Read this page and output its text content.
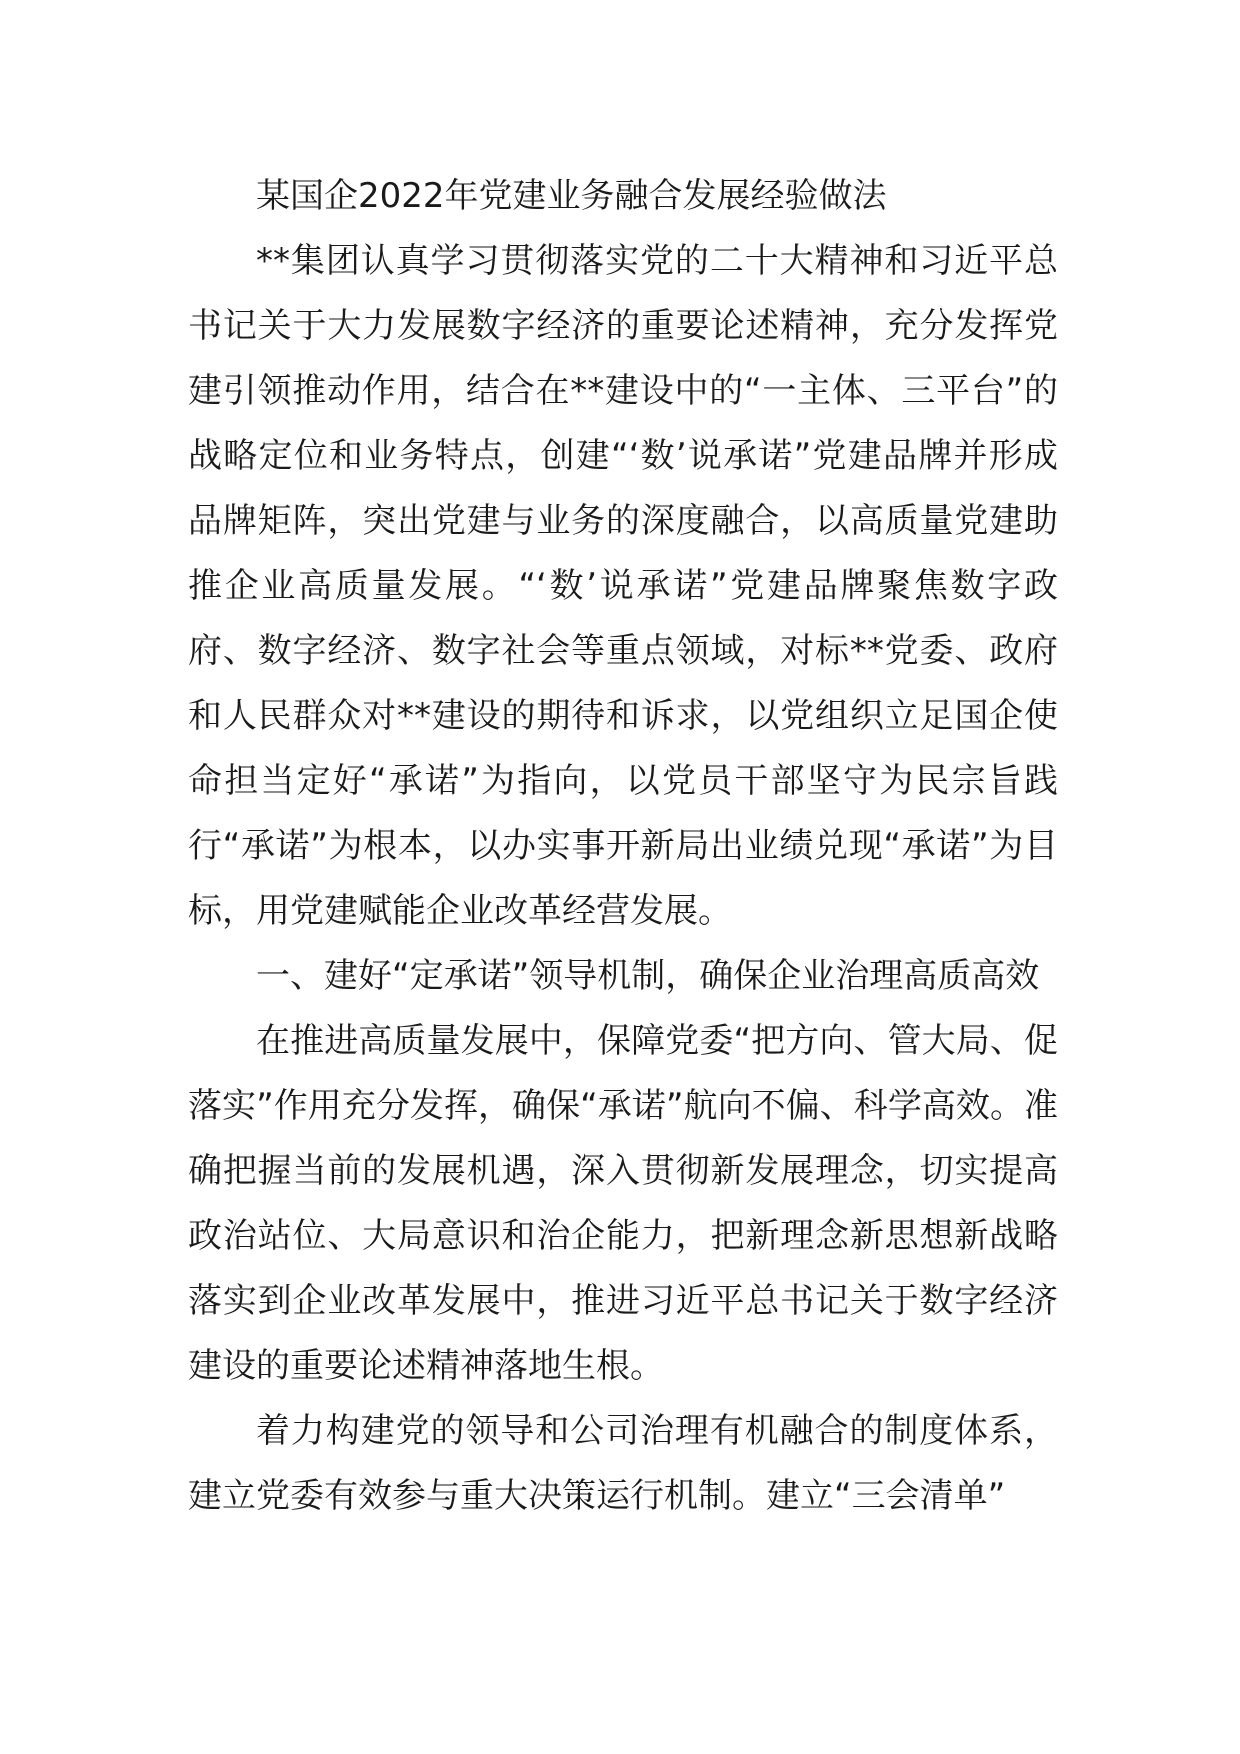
某国企2022年党建业务融合发展经验做法

**集团认真学习贯彻落实党的二十大精神和习近平总书记关于大力发展数字经济的重要论述精神，充分发挥党建引领推动作用，结合在**建设中的“一主体、三平台”的战略定位和业务特点，创建“‘数’说承诺”党建品牌并形成品牌矩阵，突出党建与业务的深度融合，以高质量党建助推企业高质量发展。“‘数’说承诺”党建品牌聚焦数字政府、数字经济、数字社会等重点领域，对标**党委、政府和人民群众对**建设的期待和诉求，以党组织立足国企使命担当定好“承诺”为指向，以党员干部坚守为民宗旨践行“承诺”为根本，以办实事开新局出业绩兑现“承诺”为目标，用党建赋能企业改革经营发展。

一、建好“定承诺”领导机制，确保企业治理高质高效

在推进高质量发展中，保障党委“把方向、管大局、促落实”作用充分发挥，确保“承诺”航向不偏、科学高效。准确把握当前的发展机遇，深入贯彻新发展理念，切实提高政治站位、大局意识和治企能力，把新理念新思想新战略落实到企业改革发展中，推进习近平总书记关于数字经济建设的重要论述精神落地生根。

着力构建党的领导和公司治理有机融合的制度体系，建立党委有效参与重大决策运行机制。建立“三会清单”
